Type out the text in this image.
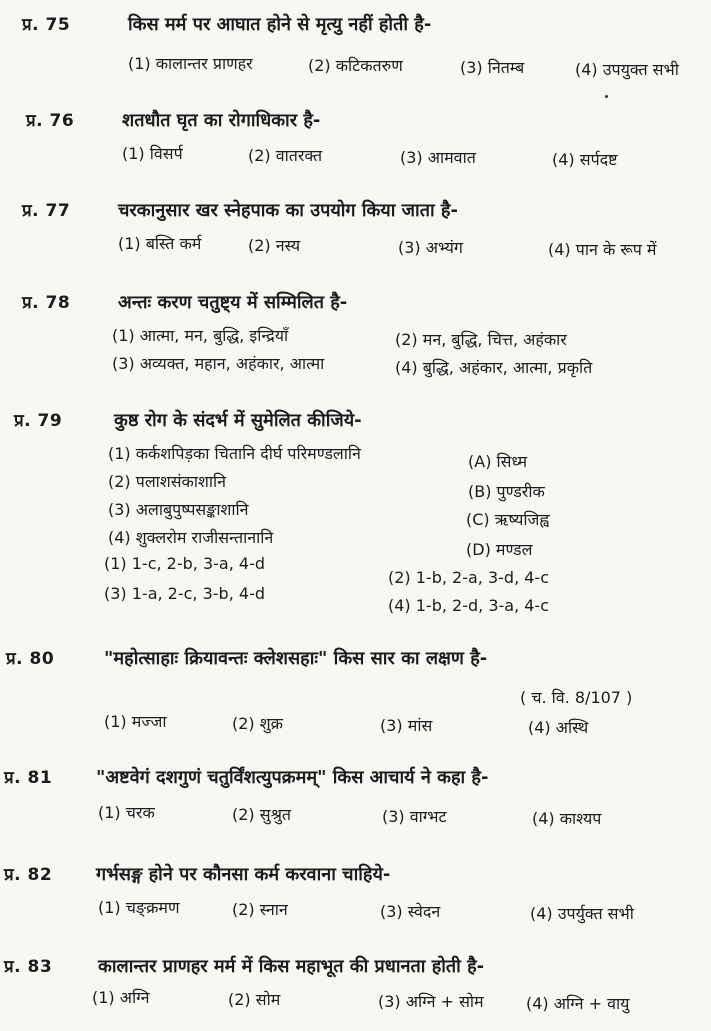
प्र. 75	किस मर्म पर आघात होने से मृत्यु नहीं होती है-
(1) कालान्तर प्राणहर	(2) कटिकतरुण	(3) नितम्ब	(4) उपयुक्त सभी
प्र. 76	शतधौत घृत का रोगाधिकार है-
(1) विसर्प	(2) वातरक्त	(3) आमवात	(4) सर्पदष्ट
प्र. 77	चरकानुसार खर स्नेहपाक का उपयोग किया जाता है-
(1) बस्ति कर्म	(2) नस्य	(3) अभ्यंग	(4) पान के रूप में
प्र. 78	अन्तः करण चतुष्ट्य में सम्मिलित है-
(1) आत्मा, मन, बुद्धि, इन्द्रियाँ	(2) मन, बुद्धि, चित्त, अहंकार
(3) अव्यक्त, महान, अहंकार, आत्मा	(4) बुद्धि, अहंकार, आत्मा, प्रकृति
प्र. 79	कुष्ठ रोग के संदर्भ में सुमेलित कीजिये-
(1) कर्कशपिड़का चितानि दीर्घ परिमण्डलानि
(2) पलाशसंकाशानि
(3) अलाबुपुष्पसङ्काशानि
(4) शुक्लरोम राजीसन्तानानि
(A) सिध्म
(B) पुण्डरीक
(C) ऋष्यजिह्व
(D) मण्डल
(1) 1-c, 2-b, 3-a, 4-d
(2) 1-b, 2-a, 3-d, 4-c
(3) 1-a, 2-c, 3-b, 4-d
(4) 1-b, 2-d, 3-a, 4-c
प्र. 80	"महोत्साहाः क्रियावन्तः क्लेशसहाः" किस सार का लक्षण है-
( च. वि. 8/107 )
(1) मज्जा	(2) शुक्र	(3) मांस	(4) अस्थि
प्र. 81 "अष्टवेगं दशगुणं चतुर्विंशत्युपक्रमम्" किस आचार्य ने कहा है-
(1) चरक	(2) सुश्रुत	(3) वाग्भट	(4) काश्यप
प्र. 82 गर्भसङ्ग होने पर कौनसा कर्म करवाना चाहिये-
(1) चङ्क्रमण	(2) स्नान	(3) स्वेदन	(4) उपर्युक्त सभी
प्र. 83	कालान्तर प्राणहर मर्म में किस महाभूत की प्रधानता होती है-
(1) अग्नि	(2) सोम	(3) अग्नि + सोम	(4) अग्नि + वायु
